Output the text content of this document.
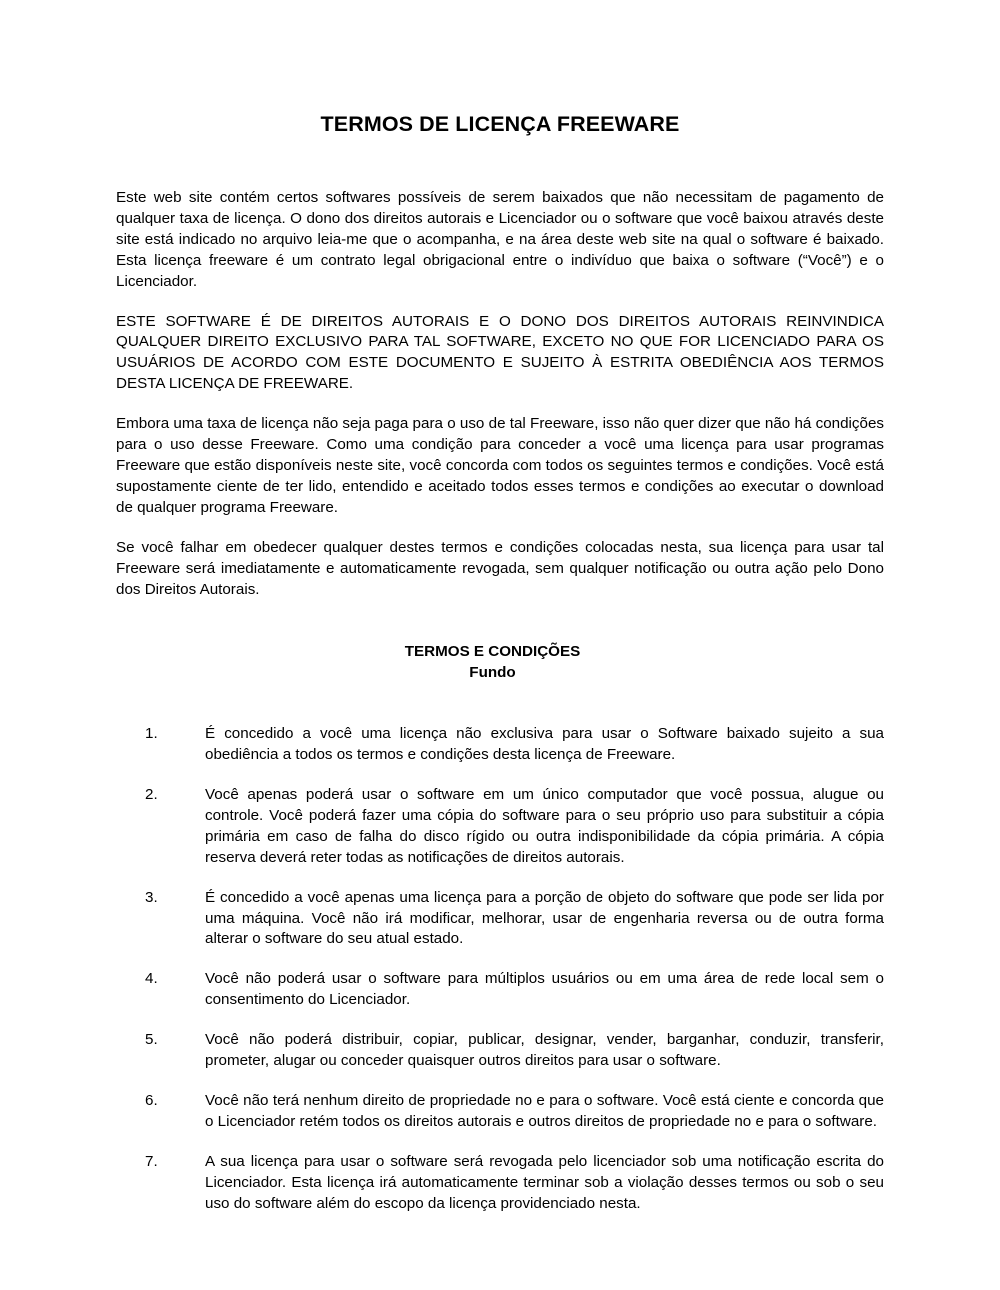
TERMOS DE LICENÇA FREEWARE

Este web site contém certos softwares possíveis de serem baixados que não necessitam de pagamento de qualquer taxa de licença. O dono dos direitos autorais e Licenciador ou o software que você baixou através deste site está indicado no arquivo leia-me que o acompanha, e na área deste web site na qual o software é baixado. Esta licença freeware é um contrato legal obrigacional entre o indivíduo que baixa o software (“Você”) e o Licenciador.

ESTE SOFTWARE É DE DIREITOS AUTORAIS E O DONO DOS DIREITOS AUTORAIS REINVINDICA QUALQUER DIREITO EXCLUSIVO PARA TAL SOFTWARE, EXCETO NO QUE FOR LICENCIADO PARA OS USUÁRIOS DE ACORDO COM ESTE DOCUMENTO E SUJEITO À ESTRITA OBEDIÊNCIA AOS TERMOS DESTA LICENÇA DE FREEWARE.

Embora uma taxa de licença não seja paga para o uso de tal Freeware, isso não quer dizer que não há condições para o uso desse Freeware. Como uma condição para conceder a você uma licença para usar programas Freeware que estão disponíveis neste site, você concorda com todos os seguintes termos e condições. Você está supostamente ciente de ter lido, entendido e aceitado todos esses termos e condições ao executar o download de qualquer programa Freeware.

Se você falhar em obedecer qualquer destes termos e condições colocadas nesta, sua licença para usar tal Freeware será imediatamente e automaticamente revogada, sem qualquer notificação ou outra ação pelo Dono dos Direitos Autorais.

TERMOS E CONDIÇÕES
Fundo
1.	É concedido a você uma licença não exclusiva para usar o Software baixado sujeito a sua obediência a todos os termos e condições desta licença de Freeware.
2.	Você apenas poderá usar o software em um único computador que você possua, alugue ou controle. Você poderá fazer uma cópia do software para o seu próprio uso para substituir a cópia primária em caso de falha do disco rígido ou outra indisponibilidade da cópia primária. A cópia reserva deverá reter todas as notificações de direitos autorais.
3.	É concedido a você apenas uma licença para a porção de objeto do software que pode ser lida por uma máquina. Você não irá modificar, melhorar, usar de engenharia reversa ou de outra forma alterar o software do seu atual estado.
4.	Você não poderá usar o software para múltiplos usuários ou em uma área de rede local sem o consentimento do Licenciador.
5.	Você não poderá distribuir, copiar, publicar, designar, vender, barganhar, conduzir, transferir, prometer, alugar ou conceder quaisquer outros direitos para usar o software.
6.	Você não terá nenhum direito de propriedade no e para o software. Você está ciente e concorda que o Licenciador retém todos os direitos autorais e outros direitos de propriedade no e para o software.
7.	A sua licença para usar o software será revogada pelo licenciador sob uma notificação escrita do Licenciador. Esta licença irá automaticamente terminar sob a violação desses termos ou sob o seu uso do software além do escopo da licença providenciado nesta.
